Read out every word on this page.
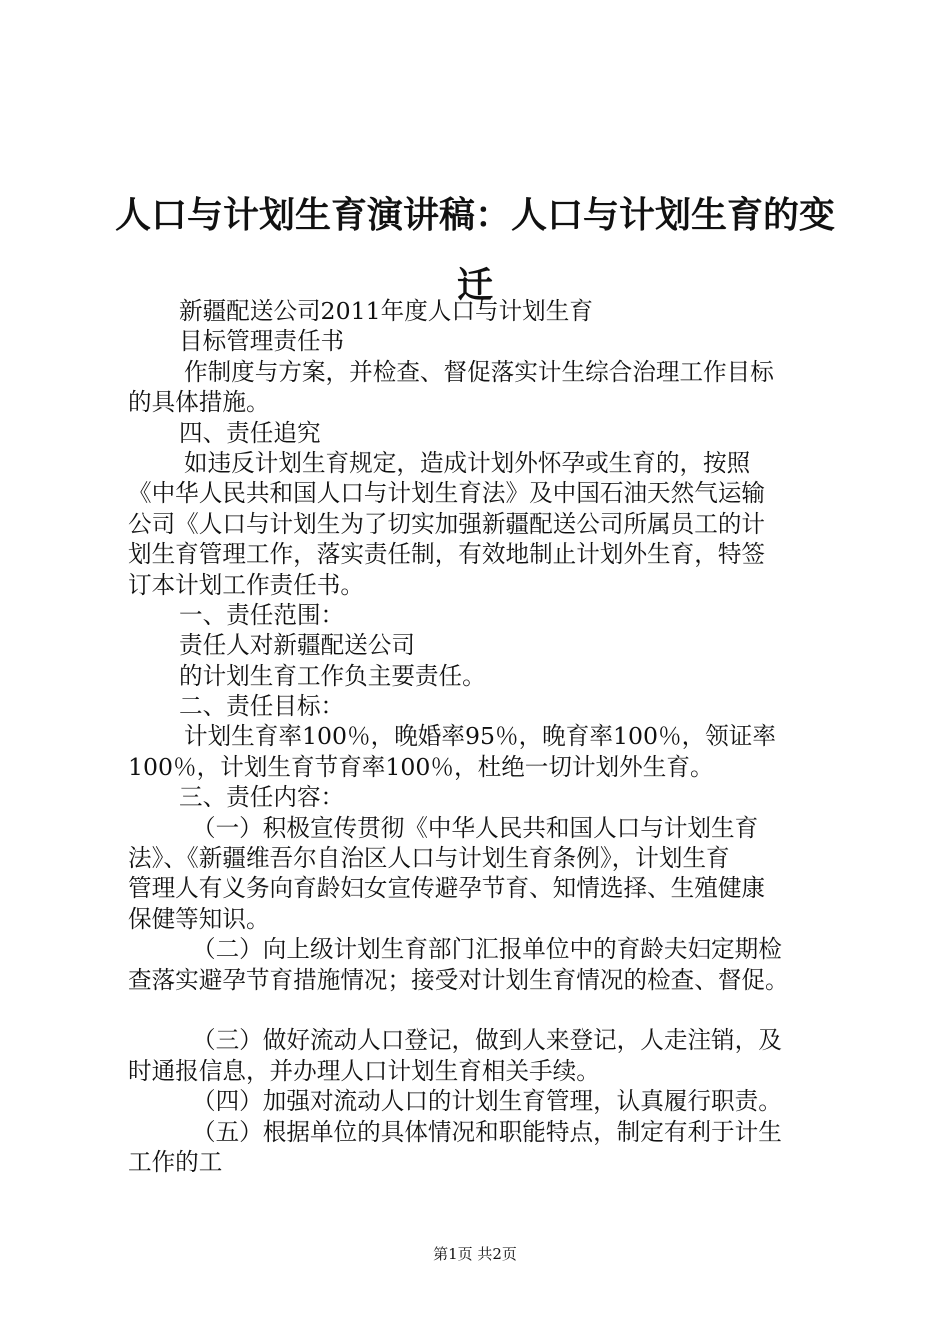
人口与计划生育演讲稿：人口与计划生育的变
迁
新疆配送公司2011年度人口与计划生育
目标管理责任书
作制度与方案，并检查、督促落实计生综合治理工作目标
的具体措施。
四、责任追究
如违反计划生育规定，造成计划外怀孕或生育的，按照
《中华人民共和国人口与计划生育法》及中国石油天然气运输
公司《人口与计划生为了切实加强新疆配送公司所属员工的计
划生育管理工作，落实责任制，有效地制止计划外生育，特签
订本计划工作责任书。
一、责任范围：
责任人对新疆配送公司
的计划生育工作负主要责任。
二、责任目标：
计划生育率100％，晚婚率95％，晚育率100％，领证率
100％，计划生育节育率100％，杜绝一切计划外生育。
三、责任内容：
（一）积极宣传贯彻《中华人民共和国人口与计划生育
法》、《新疆维吾尔自治区人口与计划生育条例》，计划生育
管理人有义务向育龄妇女宣传避孕节育、知情选择、生殖健康
保健等知识。
（二）向上级计划生育部门汇报单位中的育龄夫妇定期检
查落实避孕节育措施情况；接受对计划生育情况的检查、督促。
（三）做好流动人口登记，做到人来登记，人走注销，及
时通报信息，并办理人口计划生育相关手续。
（四）加强对流动人口的计划生育管理，认真履行职责。
（五）根据单位的具体情况和职能特点，制定有利于计生
工作的工
第1页 共2页
